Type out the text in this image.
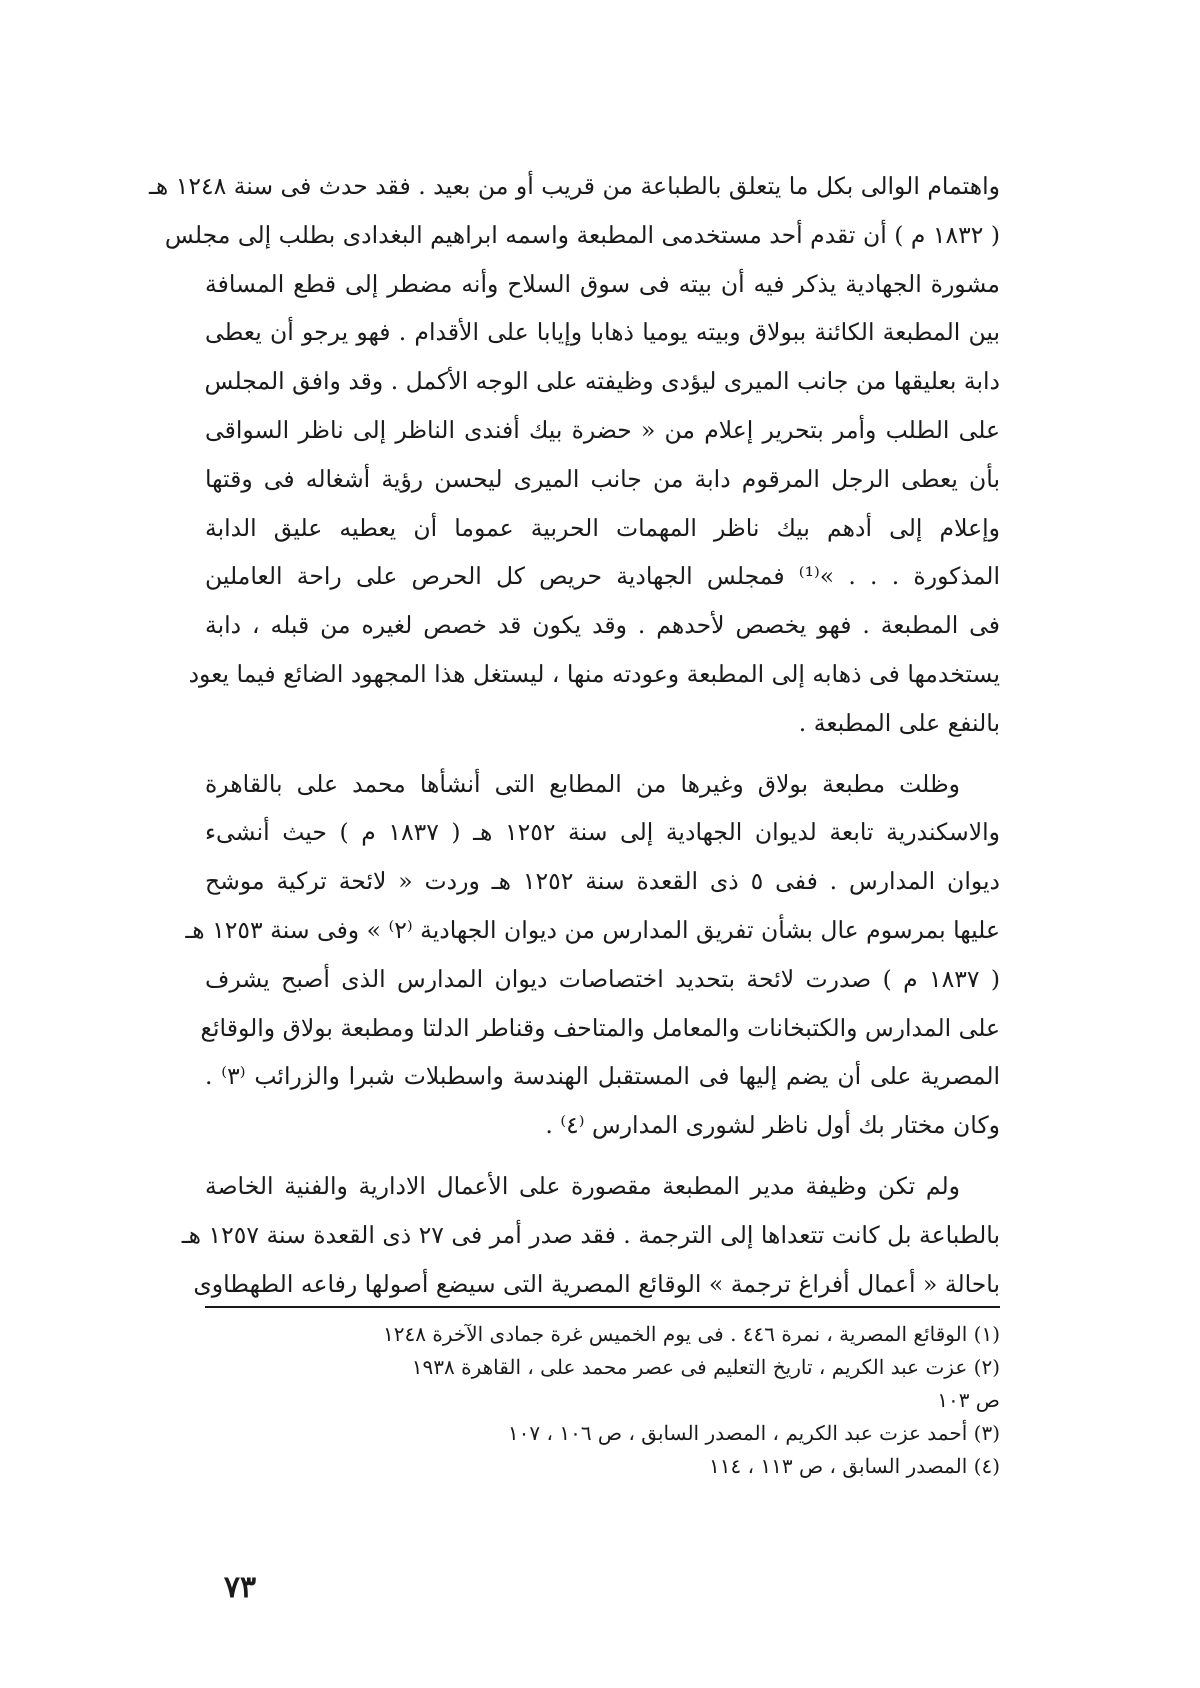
واهتمام الوالى بكل ما يتعلق بالطباعة من قريب أو من بعيد . فقد حدث فى سنة ١٢٤٨ هـ
( ١٨٣٢ م ) أن تقدم أحد مستخدمى المطبعة واسمه ابراهيم البغدادى بطلب إلى مجلس
مشورة الجهادية يذكر فيه أن بيته فى سوق السلاح وأنه مضطر إلى قطع المسافة
بين المطبعة الكائنة ببولاق وبيته يوميا ذهابا وإيابا على الأقدام . فهو يرجو أن يعطى
دابة بعليقها من جانب الميرى ليؤدى وظيفته على الوجه الأكمل . وقد وافق المجلس
على الطلب وأمر بتحرير إعلام من « حضرة بيك أفندى الناظر إلى ناظر السواقى
بأن يعطى الرجل المرقوم دابة من جانب الميرى ليحسن رؤية أشغاله فى وقتها
وإعلام إلى أدهم بيك ناظر المهمات الحربية عموما أن يعطيه عليق الدابة
المذكورة . . . »⁽¹⁾ فمجلس الجهادية حريص كل الحرص على راحة العاملين
فى المطبعة . فهو يخصص لأحدهم . وقد يكون قد خصص لغيره من قبله ، دابة
يستخدمها فى ذهابه إلى المطبعة وعودته منها ، ليستغل هذا المجهود الضائع فيما يعود
بالنفع على المطبعة .
وظلت مطبعة بولاق وغيرها من المطابع التى أنشأها محمد على بالقاهرة
والاسكندرية تابعة لديوان الجهادية إلى سنة ١٢٥٢ هـ ( ١٨٣٧ م ) حيث أنشىء
ديوان المدارس . ففى ٥ ذى القعدة سنة ١٢٥٢ هـ وردت « لائحة تركية موشح
عليها بمرسوم عال بشأن تفريق المدارس من ديوان الجهادية ⁽٢⁾ » وفى سنة ١٢٥٣ هـ
( ١٨٣٧ م ) صدرت لائحة بتحديد اختصاصات ديوان المدارس الذى أصبح يشرف
على المدارس والكتبخانات والمعامل والمتاحف وقناطر الدلتا ومطبعة بولاق والوقائع
المصرية على أن يضم إليها فى المستقبل الهندسة واسطبلات شبرا والزرائب ⁽٣⁾ .
وكان مختار بك أول ناظر لشورى المدارس ⁽٤⁾ .
ولم تكن وظيفة مدير المطبعة مقصورة على الأعمال الادارية والفنية الخاصة
بالطباعة بل كانت تتعداها إلى الترجمة . فقد صدر أمر فى ٢٧ ذى القعدة سنة ١٢٥٧ هـ
باحالة « أعمال أفراغ ترجمة » الوقائع المصرية التى سيضع أصولها رفاعه الطهطاوى
(١) الوقائع المصرية ، نمرة ٤٤٦ . فى يوم الخميس غرة جمادى الآخرة ١٢٤٨
(٢) عزت عبد الكريم ، تاريخ التعليم فى عصر محمد على ، القاهرة ١٩٣٨
ص ١٠٣
(٣) أحمد عزت عبد الكريم ، المصدر السابق ، ص ١٠٦ ، ١٠٧
(٤) المصدر السابق ، ص ١١٣ ، ١١٤
٧٣
